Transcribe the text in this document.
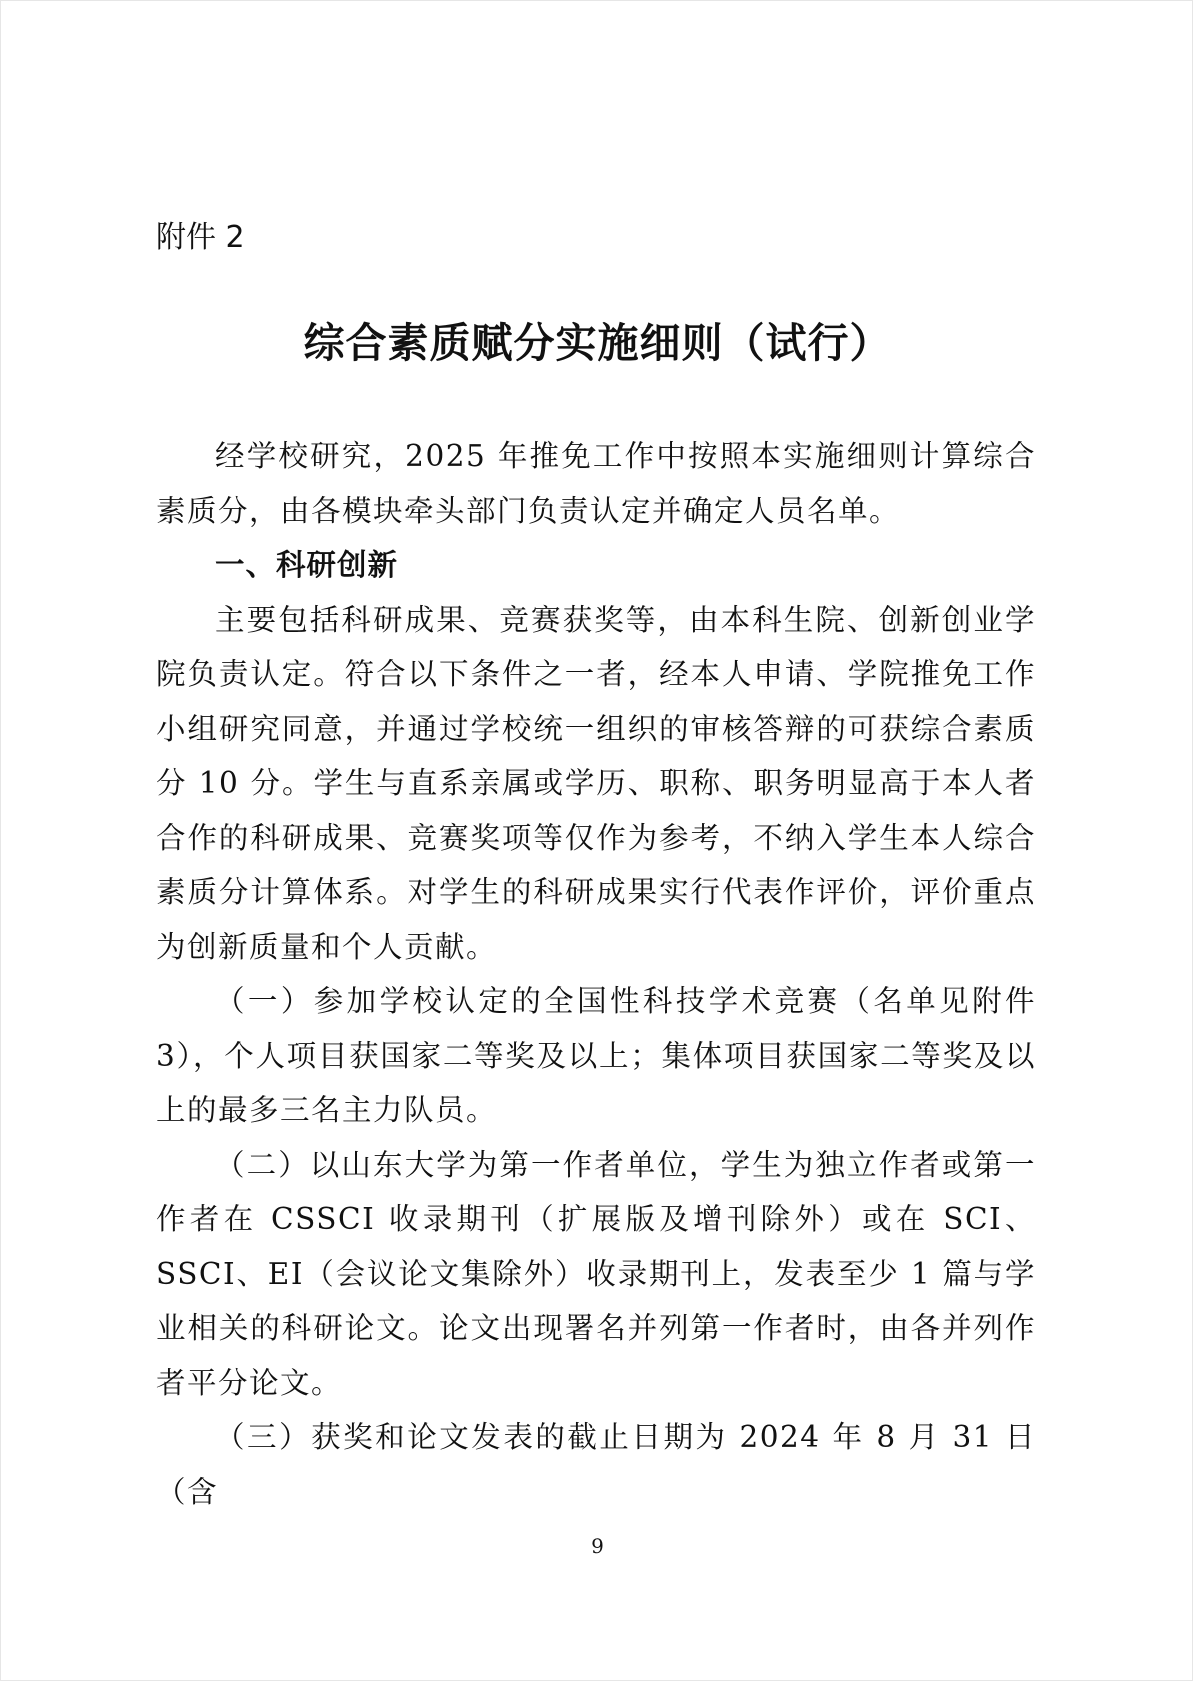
附件 2
综合素质赋分实施细则（试行）

经学校研究，2025 年推免工作中按照本实施细则计算综合素质分，由各模块牵头部门负责认定并确定人员名单。

一、科研创新

主要包括科研成果、竞赛获奖等，由本科生院、创新创业学院负责认定。符合以下条件之一者，经本人申请、学院推免工作小组研究同意，并通过学校统一组织的审核答辩的可获综合素质分 10 分。学生与直系亲属或学历、职称、职务明显高于本人者合作的科研成果、竞赛奖项等仅作为参考，不纳入学生本人综合素质分计算体系。对学生的科研成果实行代表作评价，评价重点为创新质量和个人贡献。

（一）参加学校认定的全国性科技学术竞赛（名单见附件 3），个人项目获国家二等奖及以上；集体项目获国家二等奖及以上的最多三名主力队员。

（二）以山东大学为第一作者单位，学生为独立作者或第一作者在 CSSCI 收录期刊（扩展版及增刊除外）或在 SCI、SSCI、EI（会议论文集除外）收录期刊上，发表至少 1 篇与学业相关的科研论文。论文出现署名并列第一作者时，由各并列作者平分论文。

（三）获奖和论文发表的截止日期为 2024 年 8 月 31 日（含

9
